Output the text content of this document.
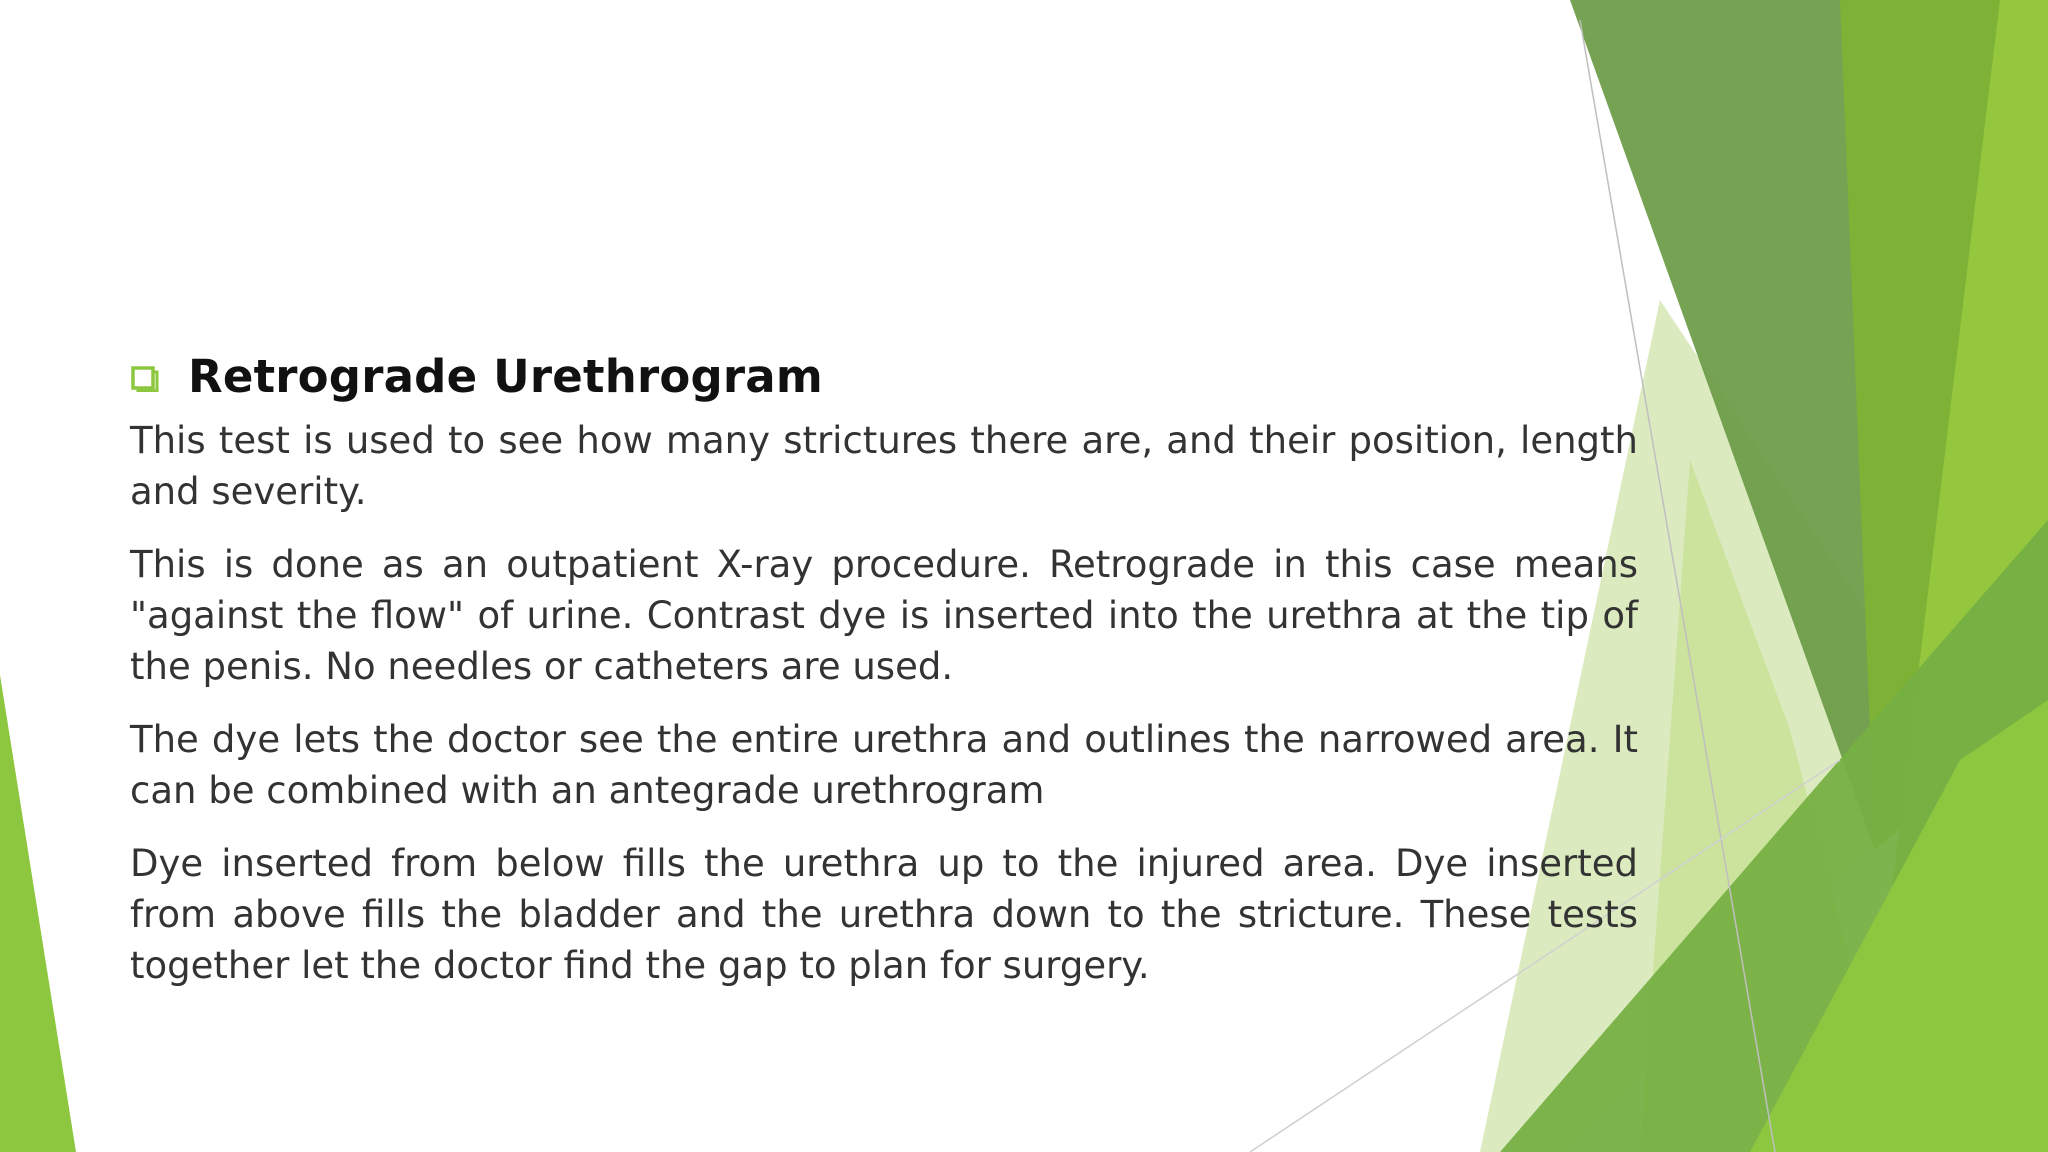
Retrograde Urethrogram

This test is used to see how many strictures there are, and their position, length and severity.

This is done as an outpatient X-ray procedure. Retrograde in this case means "against the flow" of urine. Contrast dye is inserted into the urethra at the tip of the penis. No needles or catheters are used.

The dye lets the doctor see the entire urethra and outlines the narrowed area. It can be combined with an antegrade urethrogram

Dye inserted from below fills the urethra up to the injured area. Dye inserted from above fills the bladder and the urethra down to the stricture. These tests together let the doctor find the gap to plan for surgery.
